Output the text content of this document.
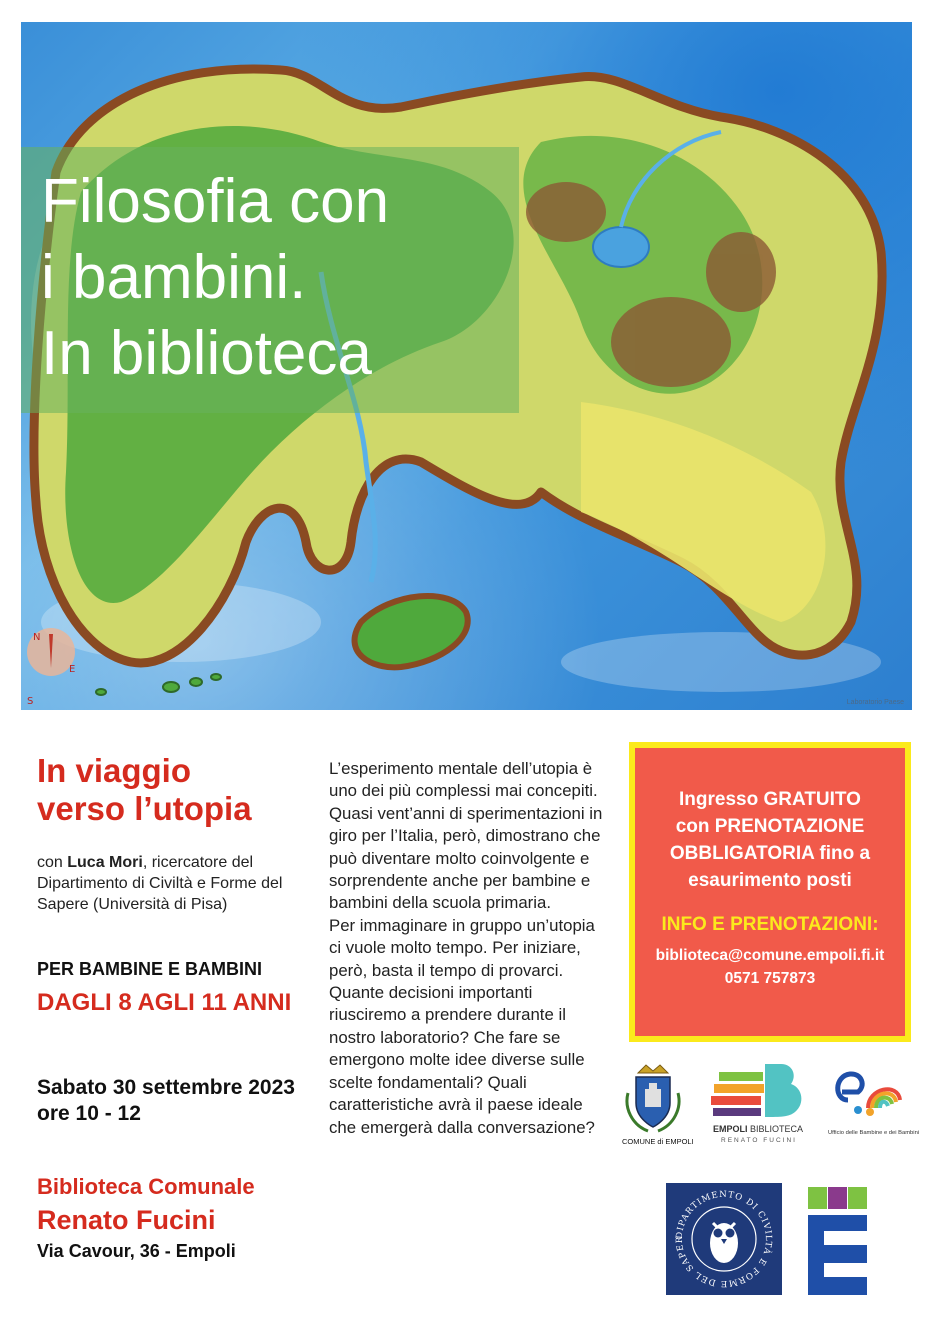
N
E
S
Filosofia con
i bambini.
In biblioteca
Laboratorio Paese
In viaggio
verso l’utopia
con Luca Mori, ricercatore del Dipartimento di Civiltà e Forme del Sapere (Università di Pisa)
PER BAMBINE E BAMBINI
DAGLI 8 AGLI 11 ANNI
Sabato 30 settembre 2023
ore 10 - 12
Biblioteca Comunale
Renato Fucini
Via Cavour, 36 - Empoli

L’esperimento mentale dell’utopia è uno dei più complessi mai concepiti. Quasi vent’anni di sperimentazioni in giro per l’Italia, però, dimostrano che può diventare molto coinvolgente e sorprendente anche per bambine e bambini della scuola primaria.

Per immaginare in gruppo un’utopia ci vuole molto tempo. Per iniziare, però, basta il tempo di provarci. Quante decisioni importanti riusciremo a prendere durante il nostro laboratorio? Che fare se emergono molte idee diverse sulle scelte fondamentali? Quali caratteristiche avrà il paese ideale che emergerà dalla conversazione?

Ingresso GRATUITO
con PRENOTAZIONE
OBBLIGATORIA fino a
esaurimento posti
INFO E PRENOTAZIONI:
biblioteca@comune.empoli.fi.it
0571 757873
COMUNE di EMPOLI
EMPOLI BIBLIOTECA
RENATO FUCINI
Ufficio delle Bambine e dei Bambini
DIPARTIMENTO DI CIVILTÀ E FORME DEL SAPER
